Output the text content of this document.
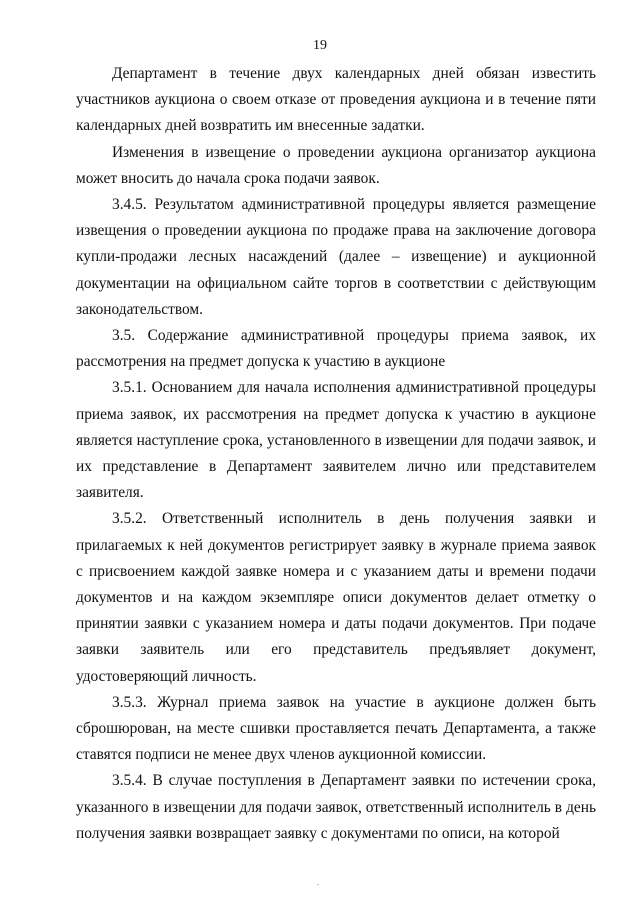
19

Департамент в течение двух календарных дней обязан известить участников аукциона о своем отказе от проведения аукциона и в течение пяти календарных дней возвратить им внесенные задатки.

Изменения в извещение о проведении аукциона организатор аукциона может вносить до начала срока подачи заявок.

3.4.5. Результатом административной процедуры является размещение извещения о проведении аукциона по продаже права на заключение договора купли-продажи лесных насаждений (далее – извещение) и аукционной документации на официальном сайте торгов в соответствии с действующим законодательством.

3.5. Содержание административной процедуры приема заявок, их рассмотрения на предмет допуска к участию в аукционе

3.5.1. Основанием для начала исполнения административной процедуры приема заявок, их рассмотрения на предмет допуска к участию в аукционе является наступление срока, установленного в извещении для подачи заявок, и их представление в Департамент заявителем лично или представителем заявителя.

3.5.2. Ответственный исполнитель в день получения заявки и прилагаемых к ней документов регистрирует заявку в журнале приема заявок с присвоением каждой заявке номера и с указанием даты и времени подачи документов и на каждом экземпляре описи документов делает отметку о принятии заявки с указанием номера и даты подачи документов. При подаче заявки заявитель или его представитель предъявляет документ, удостоверяющий личность.

3.5.3. Журнал приема заявок на участие в аукционе должен быть сброшюрован, на месте сшивки проставляется печать Департамента, а также ставятся подписи не менее двух членов аукционной комиссии.

3.5.4. В случае поступления в Департамент заявки по истечении срока, указанного в извещении для подачи заявок, ответственный исполнитель в день получения заявки возвращает заявку с документами по описи, на которой
